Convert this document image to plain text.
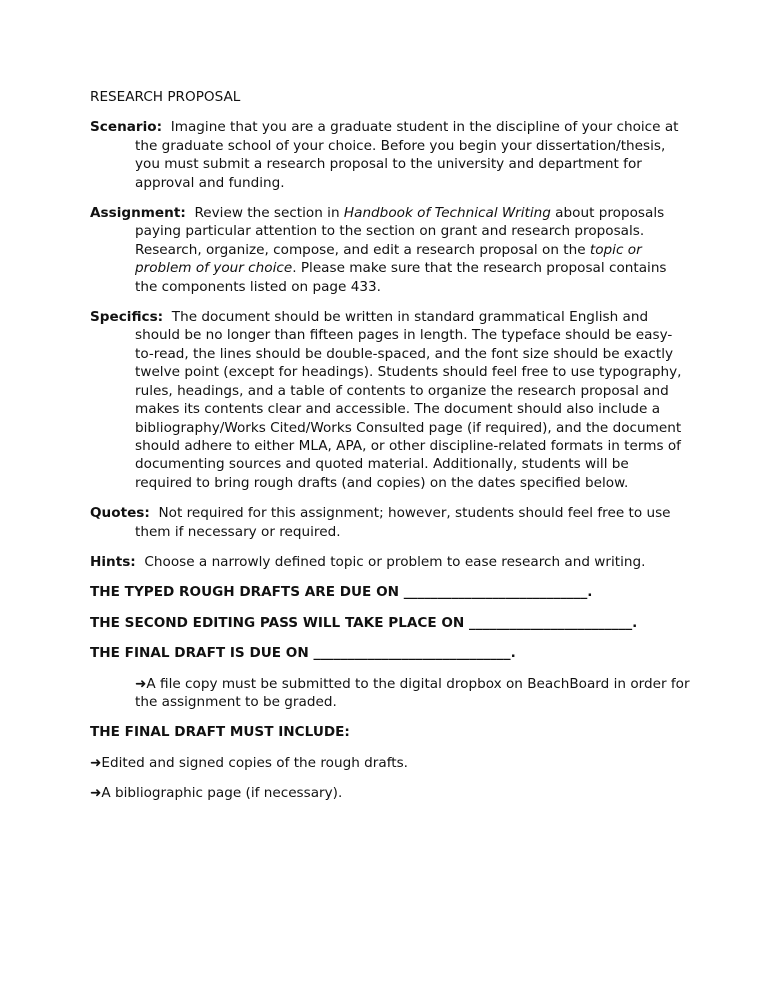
RESEARCH PROPOSAL

Scenario: Imagine that you are a graduate student in the discipline of your choice at the graduate school of your choice. Before you begin your dissertation/thesis, you must submit a research proposal to the university and department for approval and funding.

Assignment: Review the section in Handbook of Technical Writing about proposals paying particular attention to the section on grant and research proposals. Research, organize, compose, and edit a research proposal on the topic or problem of your choice. Please make sure that the research proposal contains the components listed on page 433.

Specifics: The document should be written in standard grammatical English and should be no longer than fifteen pages in length. The typeface should be easy-to-read, the lines should be double-spaced, and the font size should be exactly twelve point (except for headings). Students should feel free to use typography, rules, headings, and a table of contents to organize the research proposal and makes its contents clear and accessible. The document should also include a bibliography/Works Cited/Works Consulted page (if required), and the document should adhere to either MLA, APA, or other discipline-related formats in terms of documenting sources and quoted material. Additionally, students will be required to bring rough drafts (and copies) on the dates specified below.

Quotes: Not required for this assignment; however, students should feel free to use them if necessary or required.

Hints: Choose a narrowly defined topic or problem to ease research and writing.

THE TYPED ROUGH DRAFTS ARE DUE ON ___________________________.

THE SECOND EDITING PASS WILL TAKE PLACE ON ________________________.

THE FINAL DRAFT IS DUE ON _____________________________.

➜A file copy must be submitted to the digital dropbox on BeachBoard in order for the assignment to be graded.

THE FINAL DRAFT MUST INCLUDE:

➜Edited and signed copies of the rough drafts.

➜A bibliographic page (if necessary).
